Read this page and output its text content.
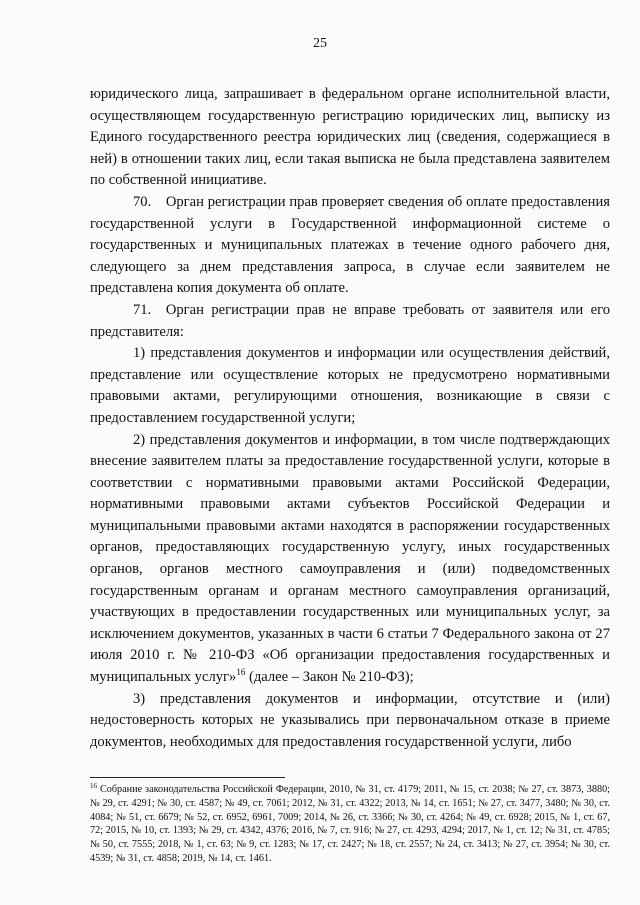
25

юридического лица, запрашивает в федеральном органе исполнительной власти, осуществляющем государственную регистрацию юридических лиц, выписку из Единого государственного реестра юридических лиц (сведения, содержащиеся в ней) в отношении таких лиц, если такая выписка не была представлена заявителем по собственной инициативе.

70. Орган регистрации прав проверяет сведения об оплате предоставления государственной услуги в Государственной информационной системе о государственных и муниципальных платежах в течение одного рабочего дня, следующего за днем представления запроса, в случае если заявителем не представлена копия документа об оплате.

71. Орган регистрации прав не вправе требовать от заявителя или его представителя:

1) представления документов и информации или осуществления действий, представление или осуществление которых не предусмотрено нормативными правовыми актами, регулирующими отношения, возникающие в связи с предоставлением государственной услуги;

2) представления документов и информации, в том числе подтверждающих внесение заявителем платы за предоставление государственной услуги, которые в соответствии с нормативными правовыми актами Российской Федерации, нормативными правовыми актами субъектов Российской Федерации и муниципальными правовыми актами находятся в распоряжении государственных органов, предоставляющих государственную услугу, иных государственных органов, органов местного самоуправления и (или) подведомственных государственным органам и органам местного самоуправления организаций, участвующих в предоставлении государственных или муниципальных услуг, за исключением документов, указанных в части 6 статьи 7 Федерального закона от 27 июля 2010 г. № 210-ФЗ «Об организации предоставления государственных и муниципальных услуг»$^{16}$ (далее – Закон № 210-ФЗ);

3) представления документов и информации, отсутствие и (или) недостоверность которых не указывались при первоначальном отказе в приеме документов, необходимых для предоставления государственной услуги, либо

$^{16}$ Собрание законодательства Российской Федерации, 2010, № 31, ст. 4179; 2011, № 15, ст. 2038; № 27, ст. 3873, 3880; № 29, ст. 4291; № 30, ст. 4587; № 49, ст. 7061; 2012, № 31, ст. 4322; 2013, № 14, ст. 1651; № 27, ст. 3477, 3480; № 30, ст. 4084; № 51, ст. 6679; № 52, ст. 6952, 6961, 7009; 2014, № 26, ст. 3366; № 30, ст. 4264; № 49, ст. 6928; 2015, № 1, ст. 67, 72; 2015, № 10, ст. 1393; № 29, ст. 4342, 4376; 2016, № 7, ст. 916; № 27, ст. 4293, 4294; 2017, № 1, ст. 12; № 31, ст. 4785; № 50, ст. 7555; 2018, № 1, ст. 63; № 9, ст. 1283; № 17, ст. 2427; № 18, ст. 2557; № 24, ст. 3413; № 27, ст. 3954; № 30, ст. 4539; № 31, ст. 4858; 2019, № 14, ст. 1461.
